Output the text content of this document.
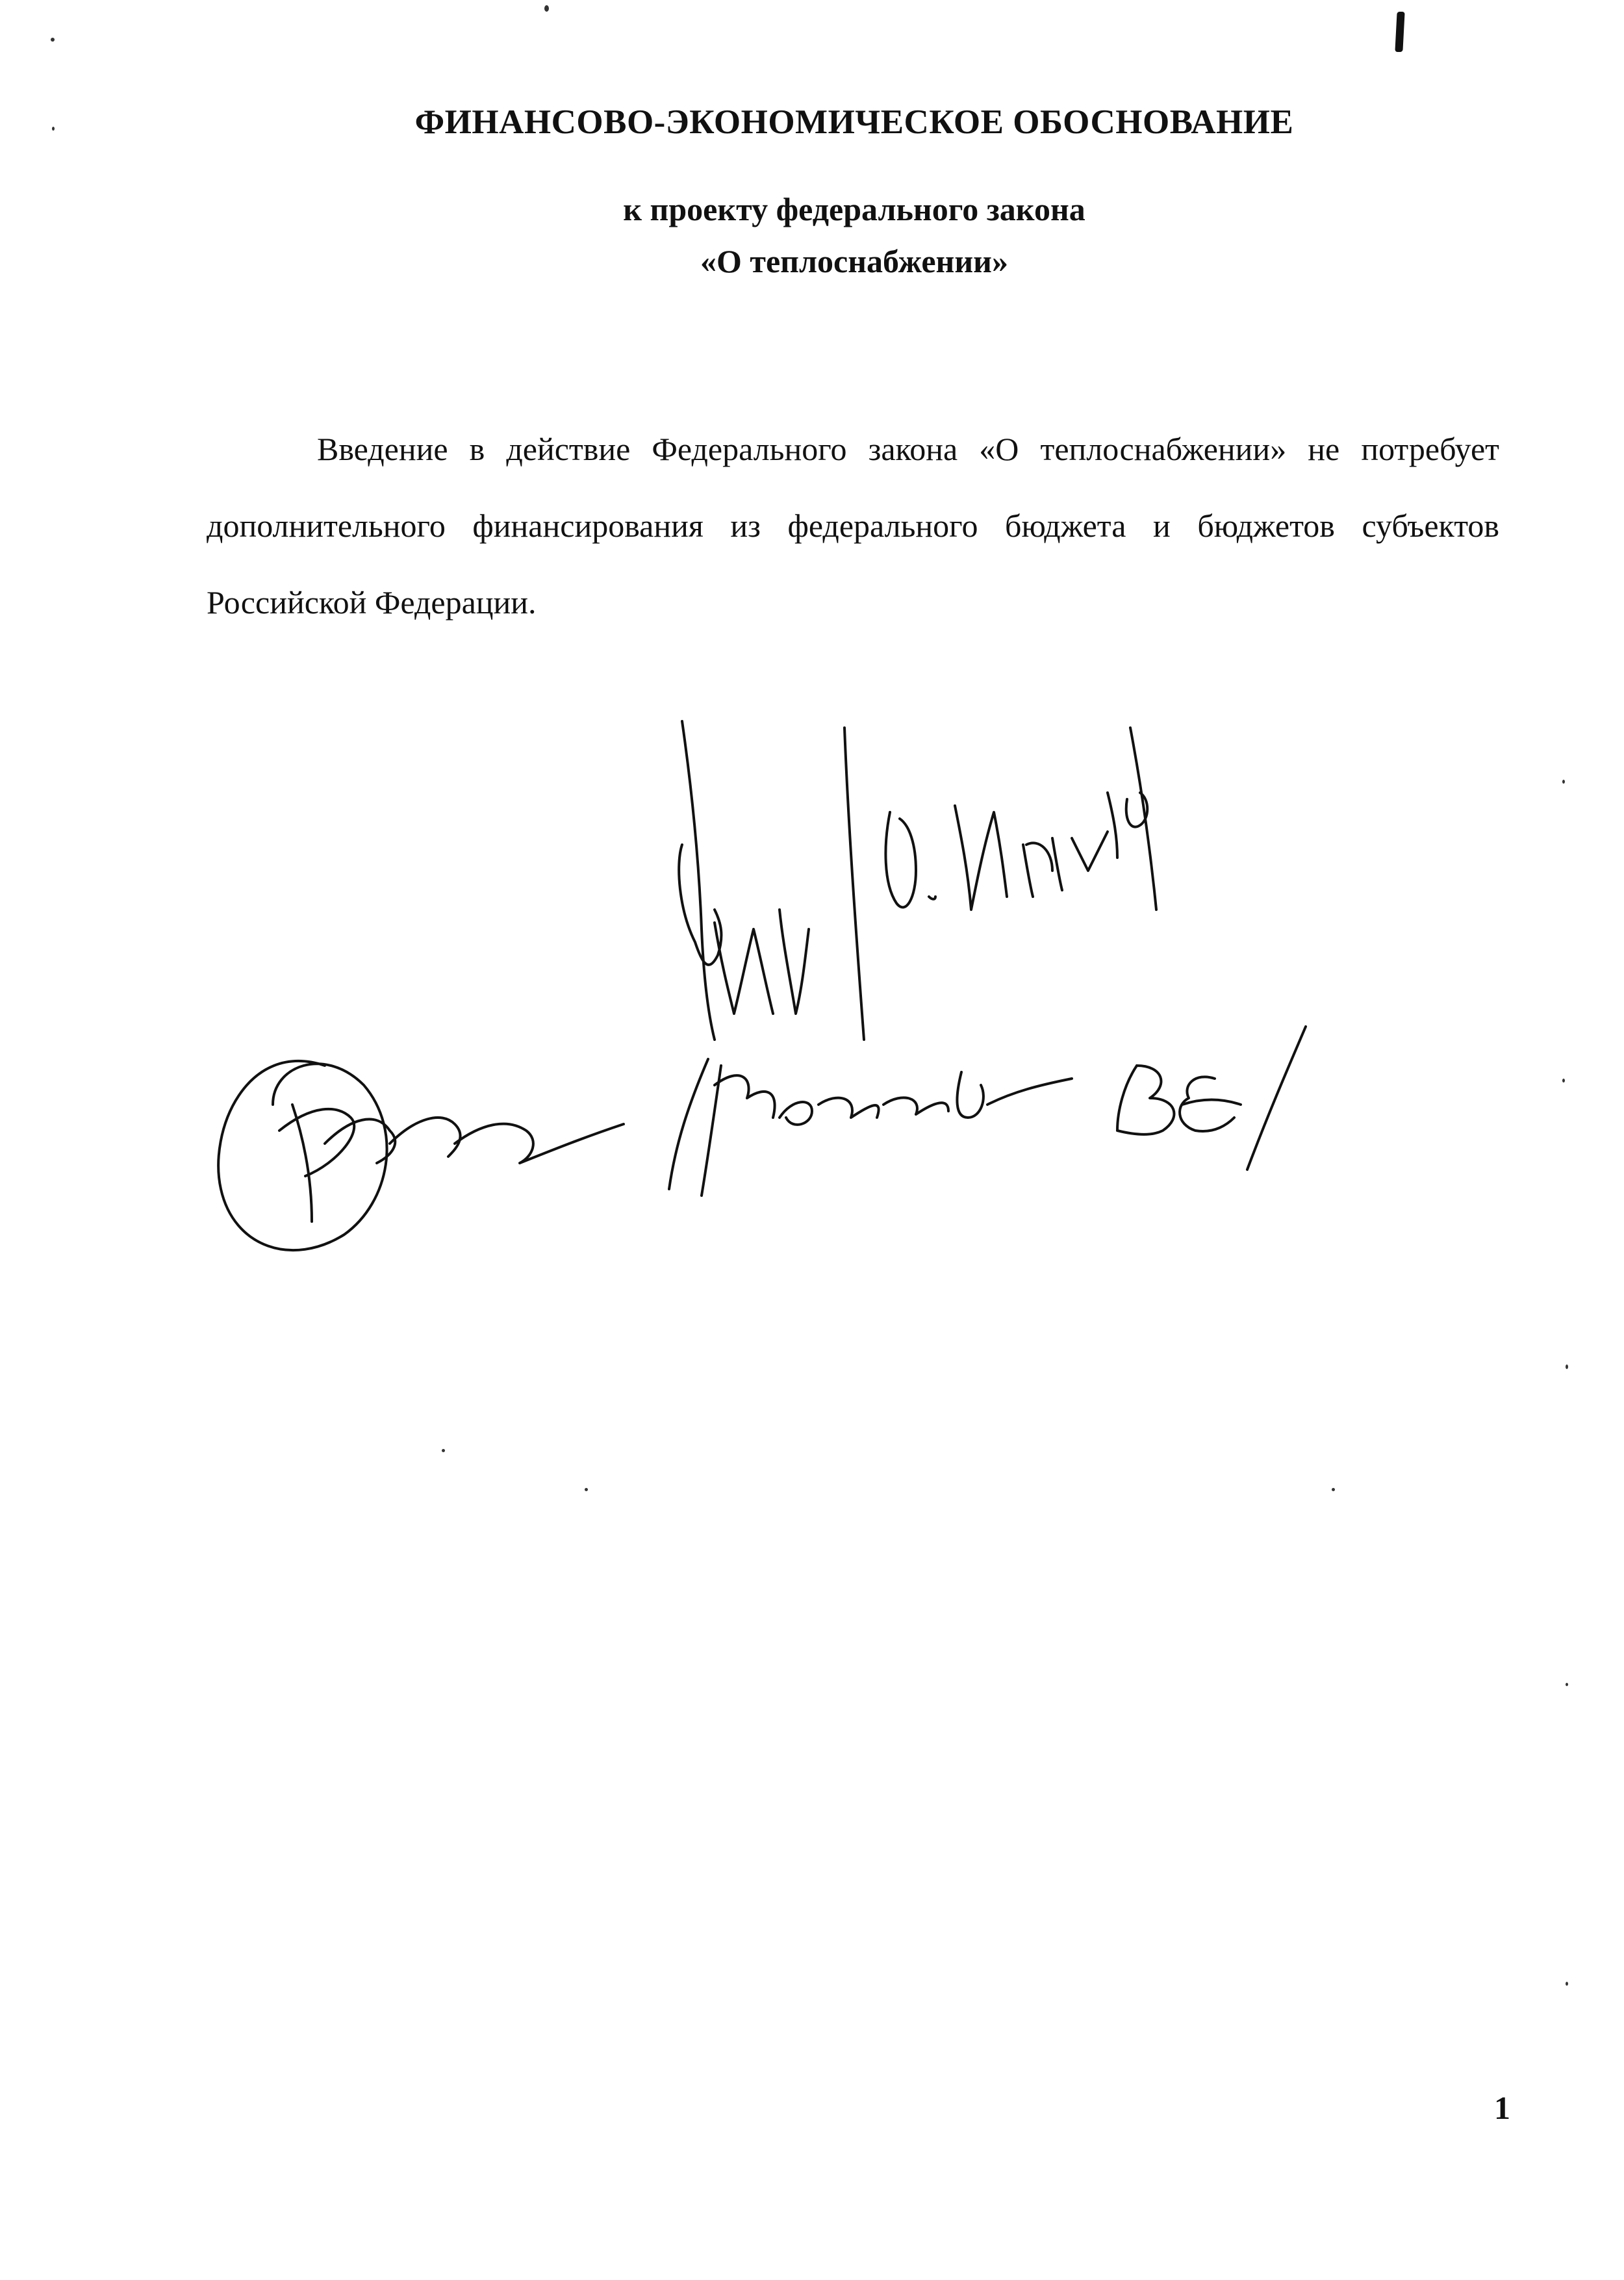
ФИНАНСОВО-ЭКОНОМИЧЕСКОЕ ОБОСНОВАНИЕ
к проекту федерального закона
«О теплоснабжении»

Введение в действие Федерального закона «О теплоснабжении» не потребует дополнительного финансирования из федерального бюджета и бюджетов субъектов Российской Федерации.

1
